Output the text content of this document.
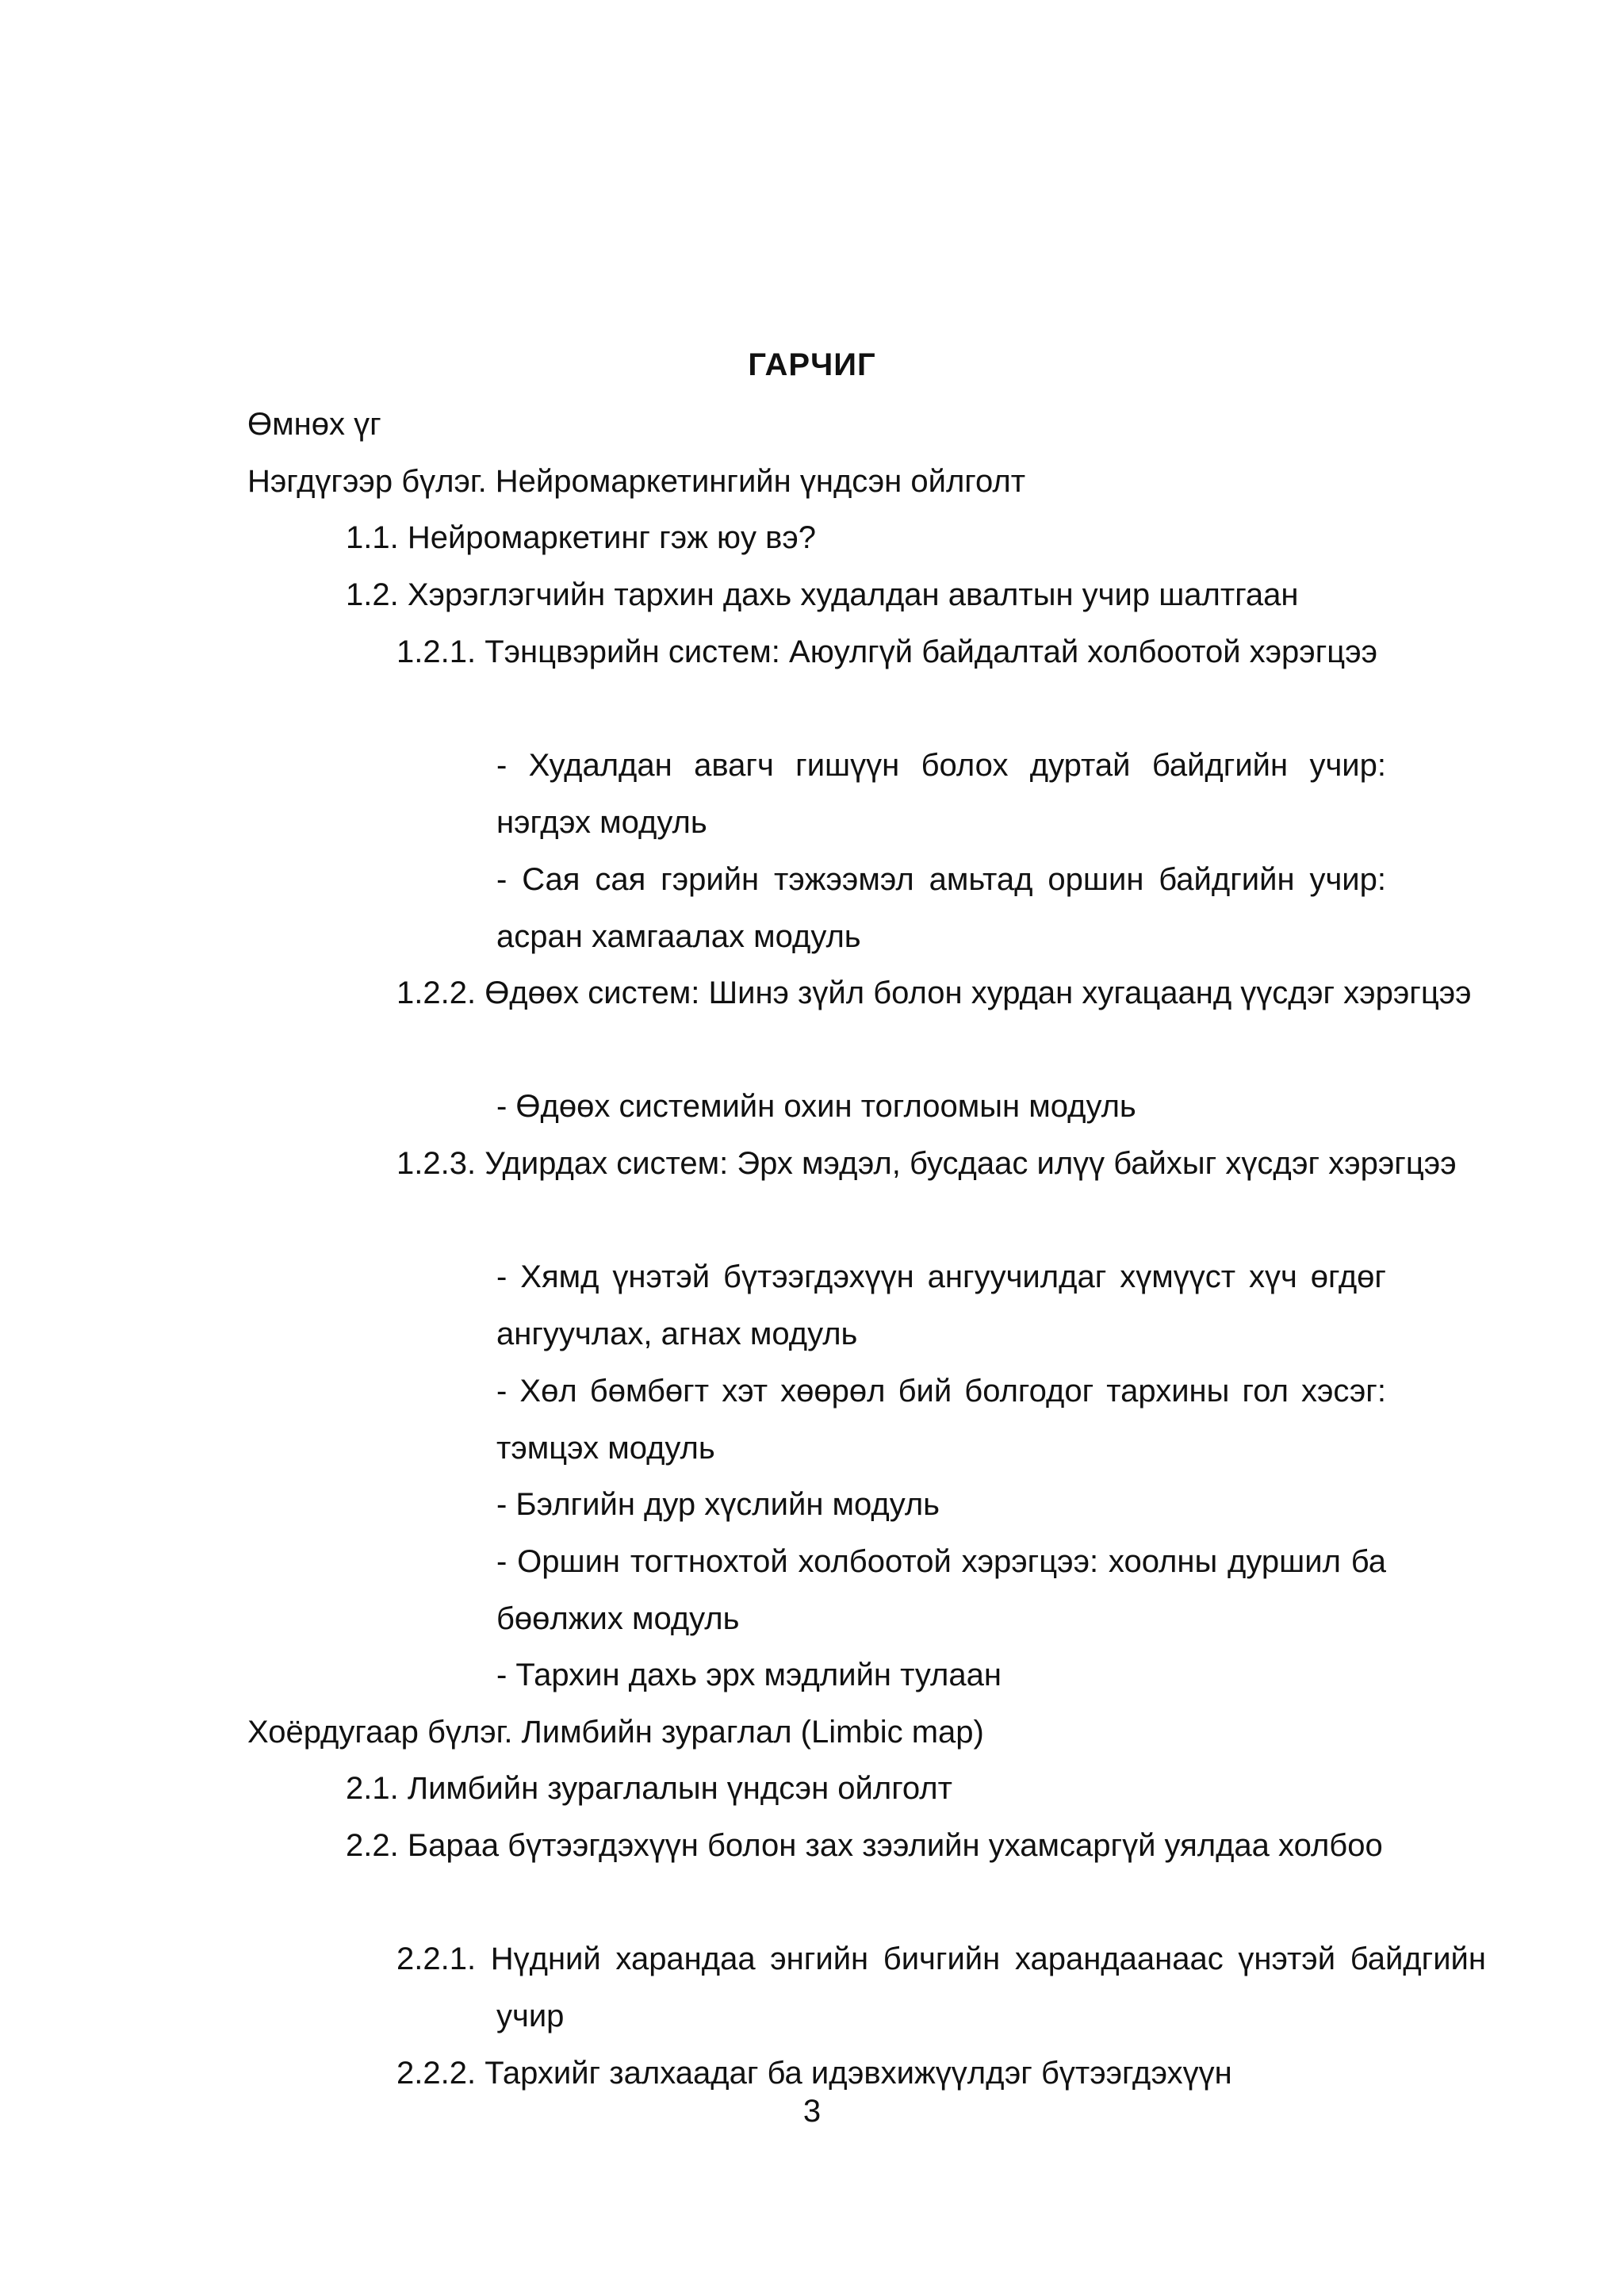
ГАРЧИГ
Өмнөх үг
Нэгдүгээр бүлэг. Нейромаркетингийн үндсэн ойлголт
1.1. Нейромаркетинг гэж юу вэ?
1.2. Хэрэглэгчийн тархин дахь худалдан авалтын учир шалтгаан
1.2.1. Тэнцвэрийн систем: Аюулгүй байдалтай холбоотой хэрэгцээ
- Худалдан авагч гишүүн болох дуртай байдгийн учир: нэгдэх модуль
- Сая сая гэрийн тэжээмэл амьтад оршин байдгийн учир: асран хамгаалах модуль
1.2.2. Өдөөх систем: Шинэ зүйл болон хурдан хугацаанд үүсдэг хэрэгцээ
- Өдөөх системийн охин тоглоомын модуль
1.2.3. Удирдах систем: Эрх мэдэл, бусдаас илүү байхыг хүсдэг хэрэгцээ
- Хямд үнэтэй бүтээгдэхүүн ангуучилдаг хүмүүст хүч өгдөг ангуучлах, агнах модуль
- Хөл бөмбөгт хэт хөөрөл бий болгодог тархины гол хэсэг: тэмцэх модуль
- Бэлгийн дур хүслийн модуль
- Оршин тогтнохтой холбоотой хэрэгцээ: хоолны дуршил ба бөөлжих модуль
- Тархин дахь эрх мэдлийн тулаан
Хоёрдугаар бүлэг. Лимбийн зураглал (Limbic map)
2.1. Лимбийн зураглалын үндсэн ойлголт
2.2. Бараа бүтээгдэхүүн болон зах зээлийн ухамсаргүй уялдаа холбоо
2.2.1. Нүдний харандаа энгийн бичгийн харандаанаас үнэтэй байдгийн учир
2.2.2. Тархийг залхаадаг ба идэвхижүүлдэг бүтээгдэхүүн
3
